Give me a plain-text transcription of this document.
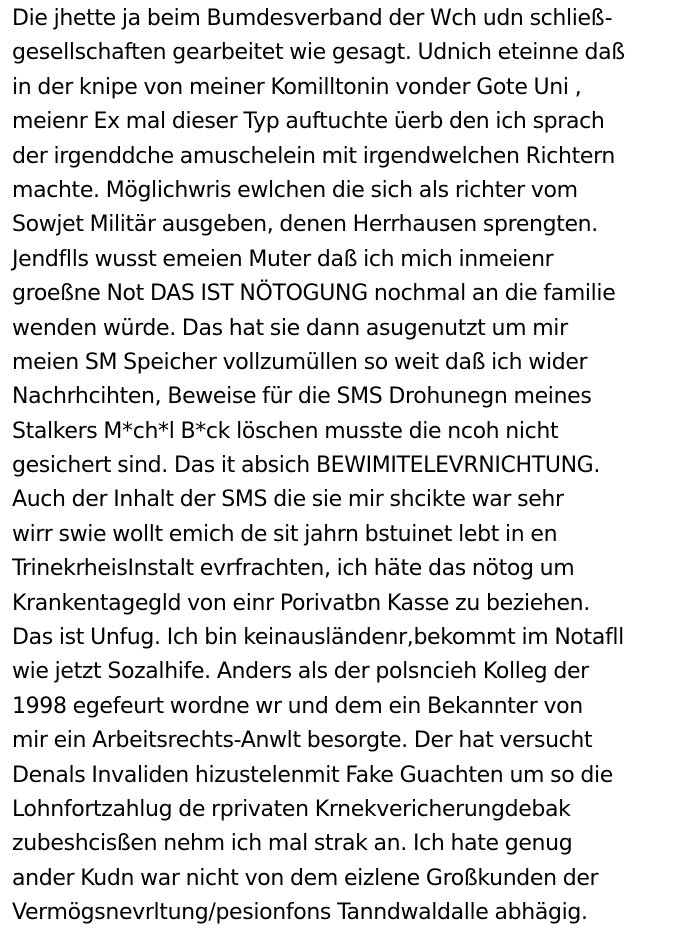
Die jhette ja beim Bumdesverband der Wch udn schließ-
gesellschaften gearbeitet wie gesagt. Udnich eteinne daß
in der knipe von meiner Komilltonin vonder Gote Uni ,
meienr Ex mal dieser Typ auftuchte üerb den ich sprach
der irgenddche amuschelein mit irgendwelchen Richtern
machte. Möglichwris ewlchen die sich als richter vom
Sowjet Militär ausgeben, denen Herrhausen sprengten.
Jendflls wusst emeien Muter daß ich mich inmeienr
groeßne Not DAS IST NÖTOGUNG nochmal an die familie
wenden würde. Das hat sie dann asugenutzt um mir
meien SM Speicher vollzumüllen so weit daß ich wider
Nachrhcihten, Beweise für die SMS Drohunegn meines
Stalkers M*ch*l B*ck löschen musste die ncoh nicht
gesichert sind. Das it absich BEWIMITELEVRNICHTUNG.
Auch der Inhalt der SMS die sie mir shcikte war sehr
wirr swie wollt emich de sit jahrn bstuinet lebt in en
TrinekrheisInstalt evrfrachten, ich häte das nötog um
Krankentagegld von einr Porivatbn Kasse zu beziehen.
Das ist Unfug. Ich bin keinausländenr,bekommt im Notafll
wie jetzt Sozalhife. Anders als der polsncieh Kolleg der
1998 egefeurt wordne wr und dem ein Bekannter von
mir ein Arbeitsrechts-Anwlt besorgte. Der hat versucht
Denals Invaliden hizustelenmit Fake Guachten um so die
Lohnfortzahlug de rprivaten Krnekvericherungdebak
zubeshcisßen nehm ich mal strak an. Ich hate genug
ander Kudn war nicht von dem eizlene Großkunden der
Vermögsnevrltung/pesionfons Tanndwaldalle abhägig.
